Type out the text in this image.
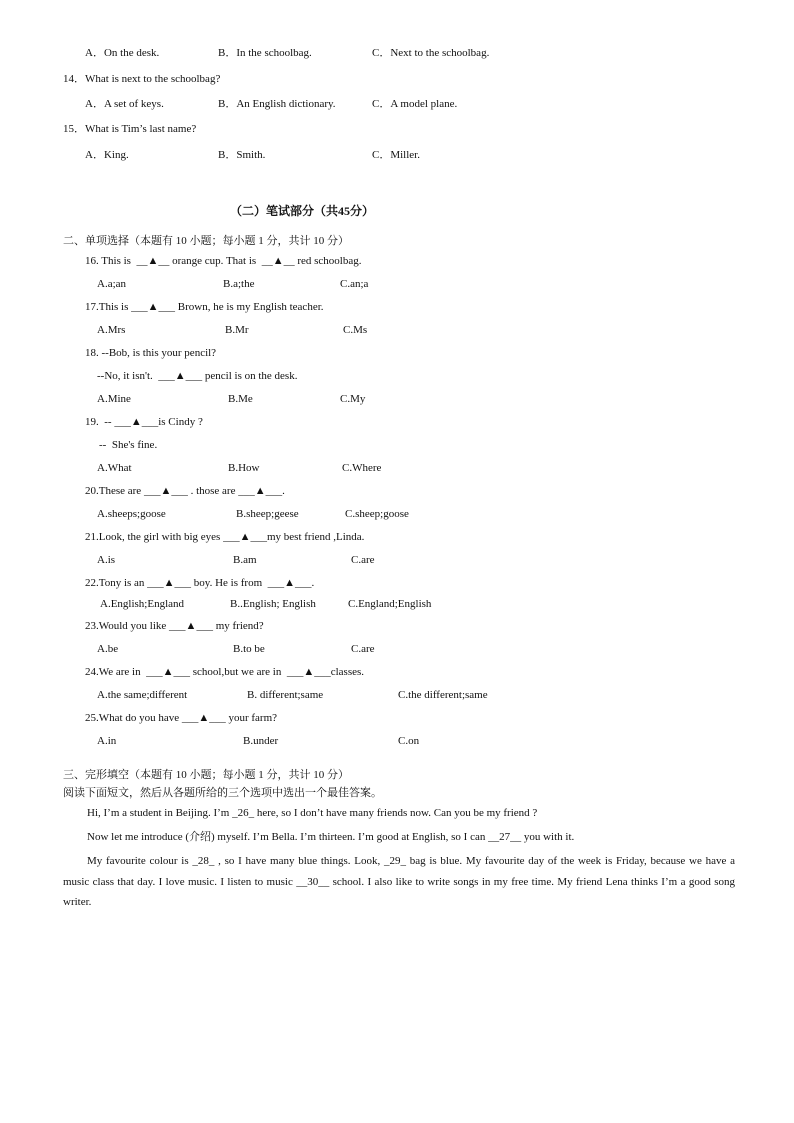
A．On the desk.	B．In the schoolbag.	C．Next to the schoolbag.
14．What is next to the schoolbag?
A．A set of keys.	B．An English dictionary.	C．A model plane.
15．What is Tim’s last name?
A．King.	B．Smith.	C．Miller.
（二）笔试部分（共45分）
二、单项选择（本题有 10 小题；每小题 1 分，共计 10 分）
16. This is  __▲__ orange cup. That is  __▲__ red schoolbag.
A.a;an	B.a;the	C.an;a
17.This is ___▲___ Brown, he is my English teacher.
A.Mrs	B.Mr	C.Ms
18. --Bob, is this your pencil?
--No, it isn't.  ___▲___ pencil is on the desk.
A.Mine	B.Me	C.My
19.  -- ___▲___is Cindy ?
--  She's fine.
A.What	B.How	C.Where
20.These are ___▲___ . those are ___▲___.
A.sheeps;goose	B.sheep;geese	C.sheep;goose
21.Look, the girl with big eyes ___▲___my best friend ,Linda.
A.is	B.am	C.are
22.Tony is an ___▲___ boy. He is from  ___▲___.
A.English;England	B..English; English	C.England;English
23.Would you like ___▲___ my friend?
A.be	B.to be	C.are
24.We are in  ___▲___ school,but we are in  ___▲___classes.
A.the same;different	B. different;same	C.the different;same
25.What do you have ___▲___ your farm?
A.in	B.under	C.on
三、完形填空（本题有 10 小题；每小题 1 分，共计 10 分）
阅读下面短文，然后从各题所给的三个选项中选出一个最佳答案。
Hi, I’m a student in Beijing. I’m _26_ here, so I don’t have many friends now. Can you be my friend ?
Now let me introduce (介绍) myself. I’m Bella. I’m thirteen. I’m good at English, so I can __27__ you with it.
My favourite colour is _28_ , so I have many blue things. Look, _29_ bag is blue. My favourite day of the week is Friday, because we have a music class that day. I love music. I listen to music __30__ school. I also like to write songs in my free time. My friend Lena thinks I’m a good song writer.
